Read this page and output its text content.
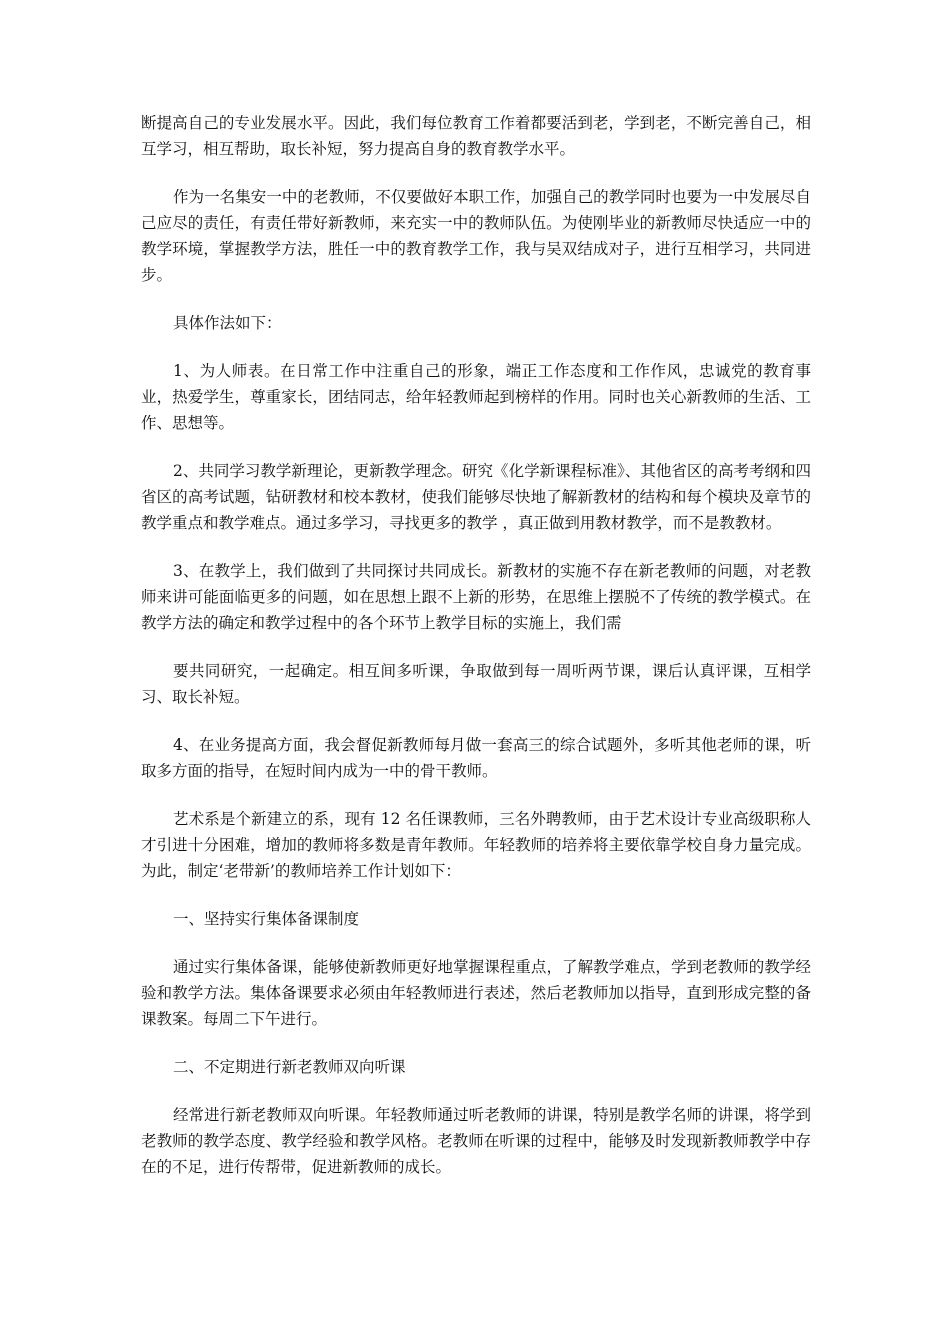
断提高自己的专业发展水平。因此，我们每位教育工作着都要活到老，学到老，不断完善自己，相互学习，相互帮助，取长补短，努力提高自身的教育教学水平。

作为一名集安一中的老教师，不仅要做好本职工作，加强自己的教学同时也要为一中发展尽自己应尽的责任，有责任带好新教师，来充实一中的教师队伍。为使刚毕业的新教师尽快适应一中的教学环境，掌握教学方法，胜任一中的教育教学工作，我与吴双结成对子，进行互相学习，共同进步。

具体作法如下：

1、为人师表。在日常工作中注重自己的形象，端正工作态度和工作作风，忠诚党的教育事业，热爱学生，尊重家长，团结同志，给年轻教师起到榜样的作用。同时也关心新教师的生活、工作、思想等。

2、共同学习教学新理论，更新教学理念。研究《化学新课程标准》、其他省区的高考考纲和四省区的高考试题，钻研教材和校本教材，使我们能够尽快地了解新教材的结构和每个模块及章节的教学重点和教学难点。通过多学习，寻找更多的教学 ，真正做到用教材教学，而不是教教材。

3、在教学上，我们做到了共同探讨共同成长。新教材的实施不存在新老教师的问题，对老教师来讲可能面临更多的问题，如在思想上跟不上新的形势，在思维上摆脱不了传统的教学模式。在教学方法的确定和教学过程中的各个环节上教学目标的实施上，我们需

要共同研究，一起确定。相互间多听课，争取做到每一周听两节课，课后认真评课，互相学习、取长补短。

4、在业务提高方面，我会督促新教师每月做一套高三的综合试题外，多听其他老师的课，听取多方面的指导，在短时间内成为一中的骨干教师。

艺术系是个新建立的系，现有 12 名任课教师，三名外聘教师，由于艺术设计专业高级职称人才引进十分困难，增加的教师将多数是青年教师。年轻教师的培养将主要依靠学校自身力量完成。为此，制定‘老带新’的教师培养工作计划如下：

一、坚持实行集体备课制度

通过实行集体备课，能够使新教师更好地掌握课程重点，了解教学难点，学到老教师的教学经验和教学方法。集体备课要求必须由年轻教师进行表述，然后老教师加以指导，直到形成完整的备课教案。每周二下午进行。

二、不定期进行新老教师双向听课

经常进行新老教师双向听课。年轻教师通过听老教师的讲课，特别是教学名师的讲课，将学到老教师的教学态度、教学经验和教学风格。老教师在听课的过程中，能够及时发现新教师教学中存在的不足，进行传帮带，促进新教师的成长。
